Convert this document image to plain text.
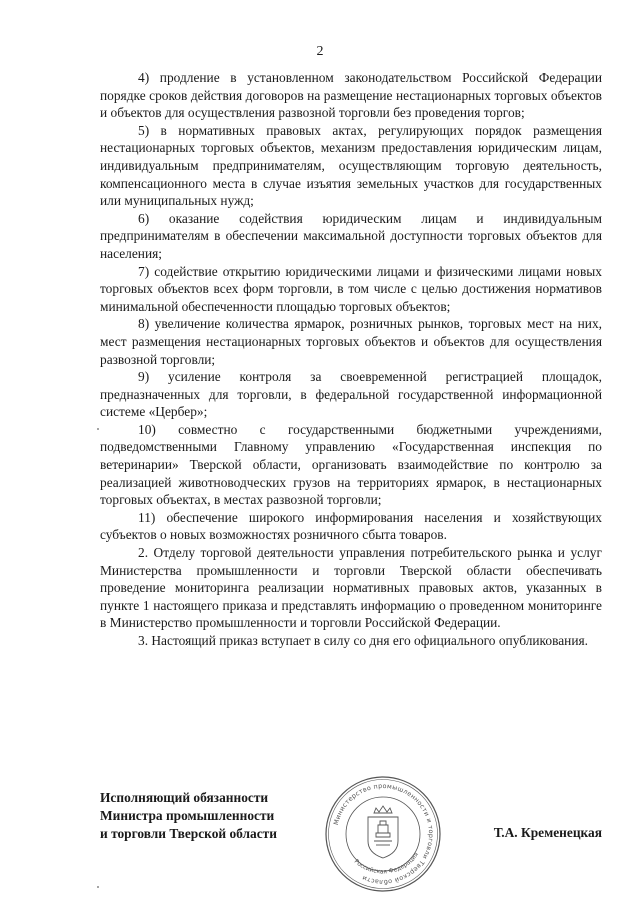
2

4) продление в установленном законодательством Российской Федерации порядке сроков действия договоров на размещение нестационарных торговых объектов и объектов для осуществления развозной торговли без проведения торгов;

5) в нормативных правовых актах, регулирующих порядок размещения нестационарных торговых объектов, механизм предоставления юридическим лицам, индивидуальным предпринимателям, осуществляющим торговую деятельность, компенсационного места в случае изъятия земельных участков для государственных или муниципальных нужд;

6) оказание содействия юридическим лицам и индивидуальным предпринимателям в обеспечении максимальной доступности торговых объектов для населения;

7) содействие открытию юридическими лицами и физическими лицами новых торговых объектов всех форм торговли, в том числе с целью достижения нормативов минимальной обеспеченности площадью торговых объектов;

8) увеличение количества ярмарок, розничных рынков, торговых мест на них, мест размещения нестационарных торговых объектов и объектов для осуществления развозной торговли;

9) усиление контроля за своевременной регистрацией площадок, предназначенных для торговли, в федеральной государственной информационной системе «Цербер»;

10) совместно с государственными бюджетными учреждениями, подведомственными Главному управлению «Государственная инспекция по ветеринарии» Тверской области, организовать взаимодействие по контролю за реализацией животноводческих грузов на территориях ярмарок, в нестационарных торговых объектах, в местах развозной торговли;

11) обеспечение широкого информирования населения и хозяйствующих субъектов о новых возможностях розничного сбыта товаров.

2. Отделу торговой деятельности управления потребительского рынка и услуг Министерства промышленности и торговли Тверской области обеспечивать проведение мониторинга реализации нормативных правовых актов, указанных в пункте 1 настоящего приказа и представлять информацию о проведенном мониторинге в Министерство промышленности и торговли Российской Федерации.

3. Настоящий приказ вступает в силу со дня его официального опубликования.

Исполняющий обязанности
Министра промышленности
и торговли Тверской области
Министерство промышленности и торговли Тверской области
Российская Федерация
Т.А. Кременецкая
